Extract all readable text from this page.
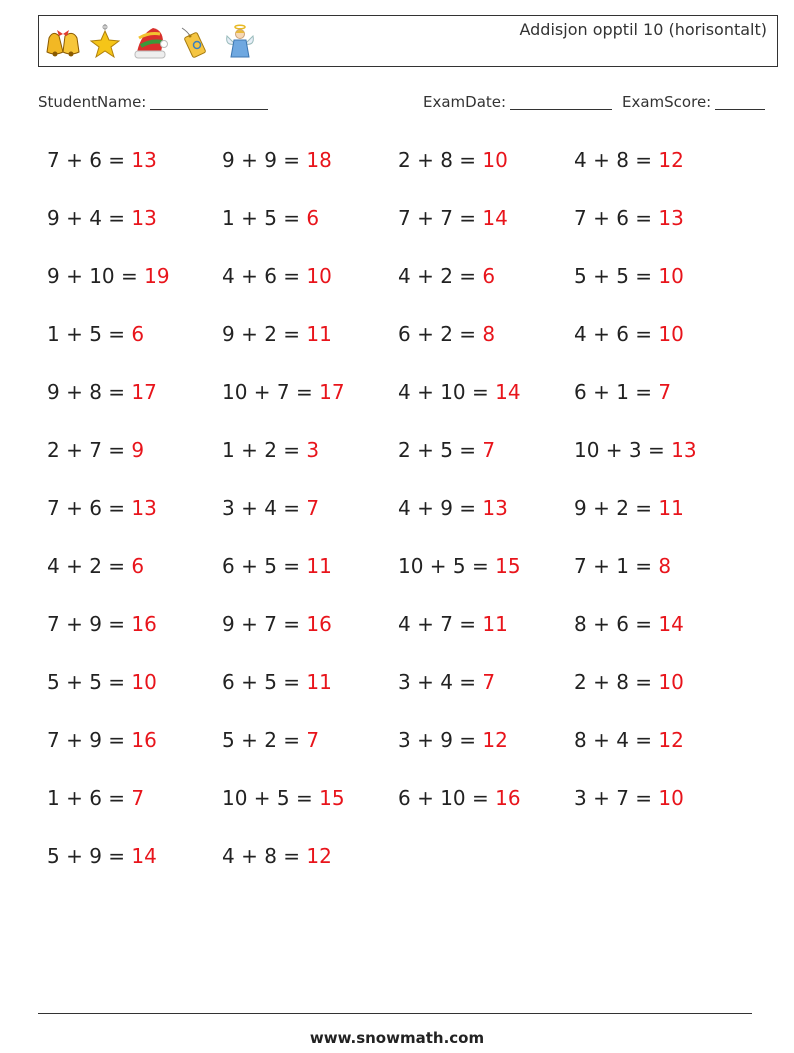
Addisjon opptil 10 (horisontalt)
StudentName:	ExamDate:	ExamScore:
7 + 6 = 13
9 + 4 = 13
9 + 10 = 19
1 + 5 = 6
9 + 8 = 17
2 + 7 = 9
7 + 6 = 13
4 + 2 = 6
7 + 9 = 16
5 + 5 = 10
7 + 9 = 16
1 + 6 = 7
5 + 9 = 14
9 + 9 = 18
1 + 5 = 6
4 + 6 = 10
9 + 2 = 11
10 + 7 = 17
1 + 2 = 3
3 + 4 = 7
6 + 5 = 11
9 + 7 = 16
6 + 5 = 11
5 + 2 = 7
10 + 5 = 15
4 + 8 = 12
2 + 8 = 10
7 + 7 = 14
4 + 2 = 6
6 + 2 = 8
4 + 10 = 14
2 + 5 = 7
4 + 9 = 13
10 + 5 = 15
4 + 7 = 11
3 + 4 = 7
3 + 9 = 12
6 + 10 = 16
4 + 8 = 12
7 + 6 = 13
5 + 5 = 10
4 + 6 = 10
6 + 1 = 7
10 + 3 = 13
9 + 2 = 11
7 + 1 = 8
8 + 6 = 14
2 + 8 = 10
8 + 4 = 12
3 + 7 = 10
www.snowmath.com
